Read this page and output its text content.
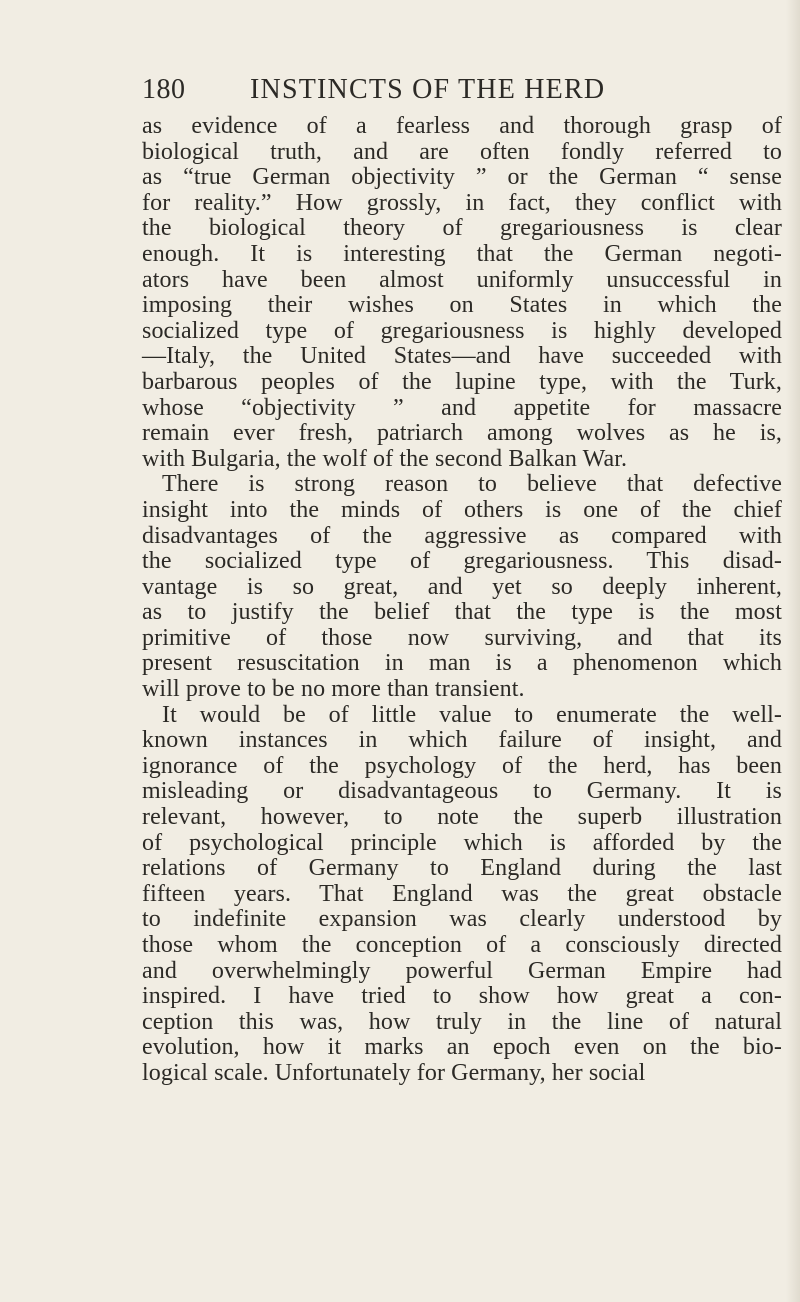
180 INSTINCTS OF THE HERD
as evidence of a fearless and thorough grasp of
biological truth, and are often fondly referred to
as “true German objectivity ” or the German “ sense
for reality.” How grossly, in fact, they conflict with
the biological theory of gregariousness is clear
enough. It is interesting that the German negoti-
ators have been almost uniformly unsuccessful in
imposing their wishes on States in which the
socialized type of gregariousness is highly developed
—Italy, the United States—and have succeeded with
barbarous peoples of the lupine type, with the Turk,
whose “objectivity ” and appetite for massacre
remain ever fresh, patriarch among wolves as he is,
with Bulgaria, the wolf of the second Balkan War.
There is strong reason to believe that defective
insight into the minds of others is one of the chief
disadvantages of the aggressive as compared with
the socialized type of gregariousness. This disad-
vantage is so great, and yet so deeply inherent,
as to justify the belief that the type is the most
primitive of those now surviving, and that its
present resuscitation in man is a phenomenon which
will prove to be no more than transient.
It would be of little value to enumerate the well-
known instances in which failure of insight, and
ignorance of the psychology of the herd, has been
misleading or disadvantageous to Germany. It is
relevant, however, to note the superb illustration
of psychological principle which is afforded by the
relations of Germany to England during the last
fifteen years. That England was the great obstacle
to indefinite expansion was clearly understood by
those whom the conception of a consciously directed
and overwhelmingly powerful German Empire had
inspired. I have tried to show how great a con-
ception this was, how truly in the line of natural
evolution, how it marks an epoch even on the bio-
logical scale. Unfortunately for Germany, her social
